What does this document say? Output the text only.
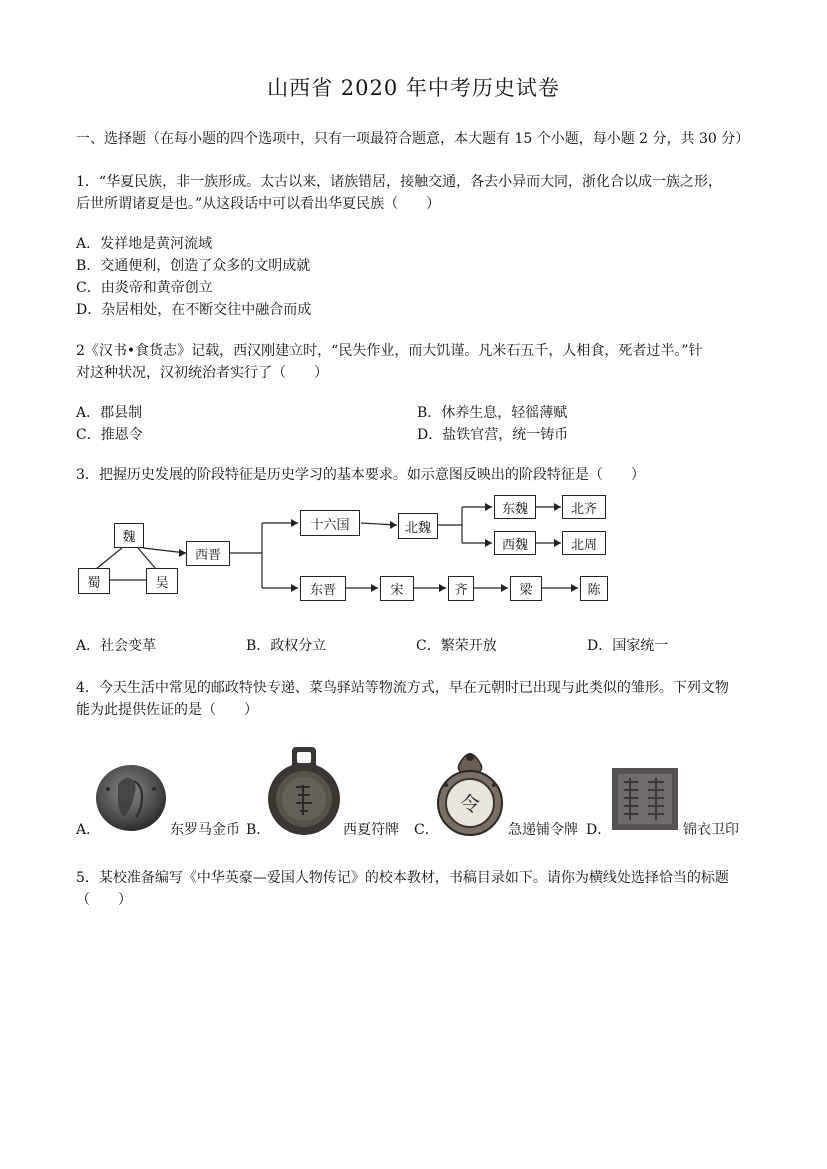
山西省 2020 年中考历史试卷
一、选择题（在每小题的四个选项中，只有一项最符合题意，本大题有 15 个小题，每小题 2 分，共 30 分）
1．“华夏民族，非一族形成。太古以来，诸族错居，接触交通，各去小异而大同，浙化合以成一族之形，
后世所谓诸夏是也。”从这段话中可以看出华夏民族（　　）
A．发祥地是黄河流域
B．交通便利，创造了众多的文明成就
C．由炎帝和黄帝创立
D．杂居相处，在不断交往中融合而成
2《汉书•食货志》记载，西汉刚建立时，“民失作业，而大饥谨。凡米石五千，人相食，死者过半。”针
对这种状况，汉初统治者实行了（　　）
A．郡县制	B．休养生息，轻徭薄赋
C．推恩令	D．盐铁官营，统一铸币
3．把握历史发展的阶段特征是历史学习的基本要求。如示意图反映出的阶段特征是（　　）
魏
蜀	吴
西晋
十六国	北魏
东魏
西魏
北齐
北周
东晋	宋	齐	梁	陈
A．社会变革	B．政权分立	C．繁荣开放	D．国家统一
4．今天生活中常见的邮政特快专递、菜鸟驿站等物流方式，早在元朝时已出现与此类似的雏形。下列文物
能为此提供佐证的是（　　）
令
A．	东罗马金币 B．	西夏符牌 C．	急递铺令牌 D．	锦衣卫印
5．某校准备编写《中华英豪—爱国人物传记》的校本教材，书稿目录如下。请你为横线处选择恰当的标题
（　　）
